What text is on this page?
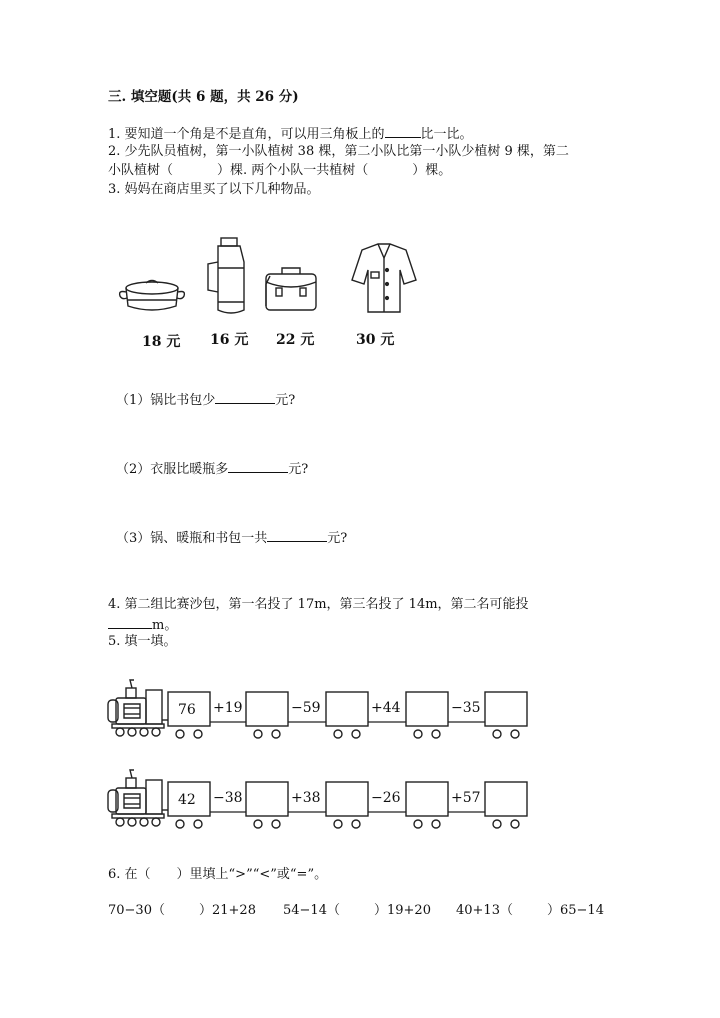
三. 填空题(共 6 题，共 26 分)
1. 要知道一个角是不是直角，可以用三角板上的	比一比。
2. 少先队员植树，第一小队植树 38 棵，第二小队比第一小队少植树 9 棵，第二
小队植树（	）棵. 两个小队一共植树（	）棵。
3. 妈妈在商店里买了以下几种物品。
18 元 16 元 22 元	30 元
（1）锅比书包少	元?
（2）衣服比暖瓶多	元?
（3）锅、暖瓶和书包一共	元?
4. 第二组比赛沙包，第一名投了 17m，第三名投了 14m，第二名可能投
m。
5. 填一填。
76 +19	−59	+44	−35
42 −38	+38	−26	+57
6. 在（　　）里填上“>”“<”或“=”。
70−30（	）21+28 54−14（	）19+20 40+13（	）65−14
